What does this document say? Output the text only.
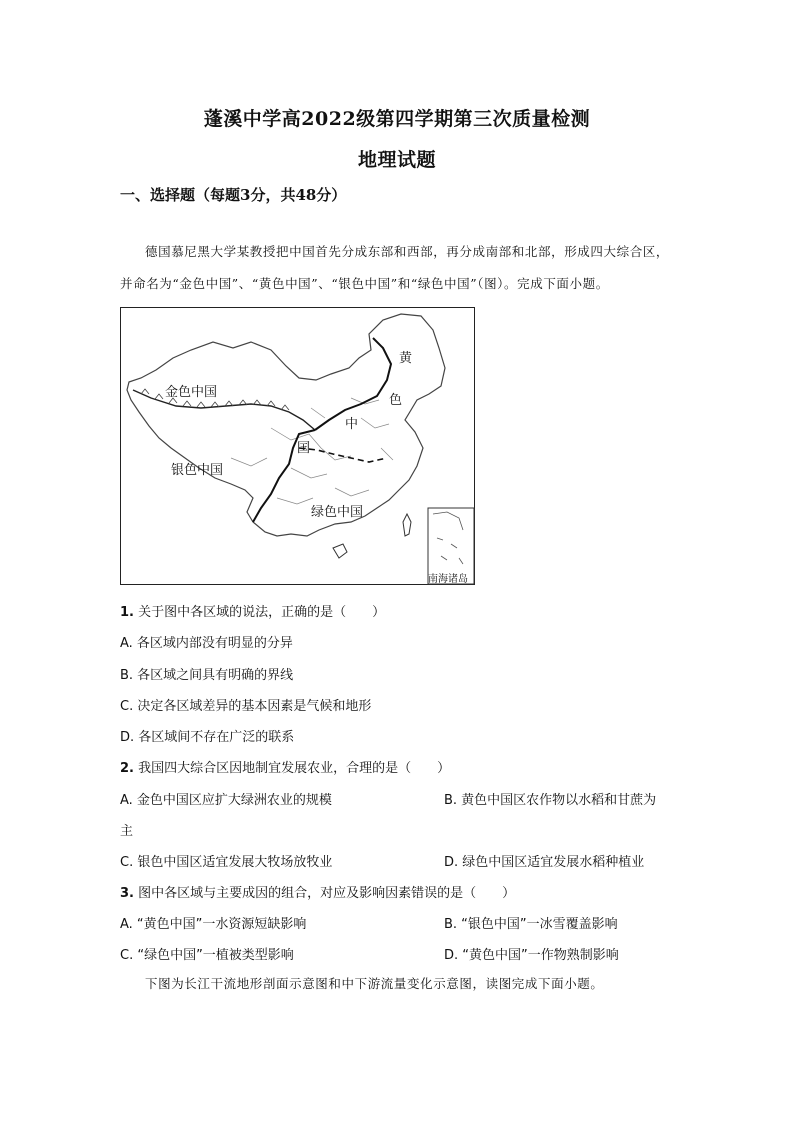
蓬溪中学高2022级第四学期第三次质量检测
地理试题
一、选择题（每题3分，共48分）
德国慕尼黑大学某教授把中国首先分成东部和西部，再分成南部和北部，形成四大综合区，并命名为“金色中国”、“黄色中国”、“银色中国”和“绿色中国”（图）。完成下面小题。
金色中国
银色中国
绿色中国
黄
色
中
国
南海诸岛
1. 关于图中各区域的说法，正确的是（　　）
A. 各区域内部没有明显的分异
B. 各区域之间具有明确的界线
C. 决定各区域差异的基本因素是气候和地形
D. 各区域间不存在广泛的联系
2. 我国四大综合区因地制宜发展农业，合理的是（　　）
A. 金色中国区应扩大绿洲农业的规模	B. 黄色中国区农作物以水稻和甘蔗为
主
C. 银色中国区适宜发展大牧场放牧业	D. 绿色中国区适宜发展水稻种植业
3. 图中各区域与主要成因的组合，对应及影响因素错误的是（　　）
A. “黄色中国”一水资源短缺影响	B. “银色中国”一冰雪覆盖影响
C. “绿色中国”一植被类型影响	D. “黄色中国”一作物熟制影响
下图为长江干流地形剖面示意图和中下游流量变化示意图，读图完成下面小题。
